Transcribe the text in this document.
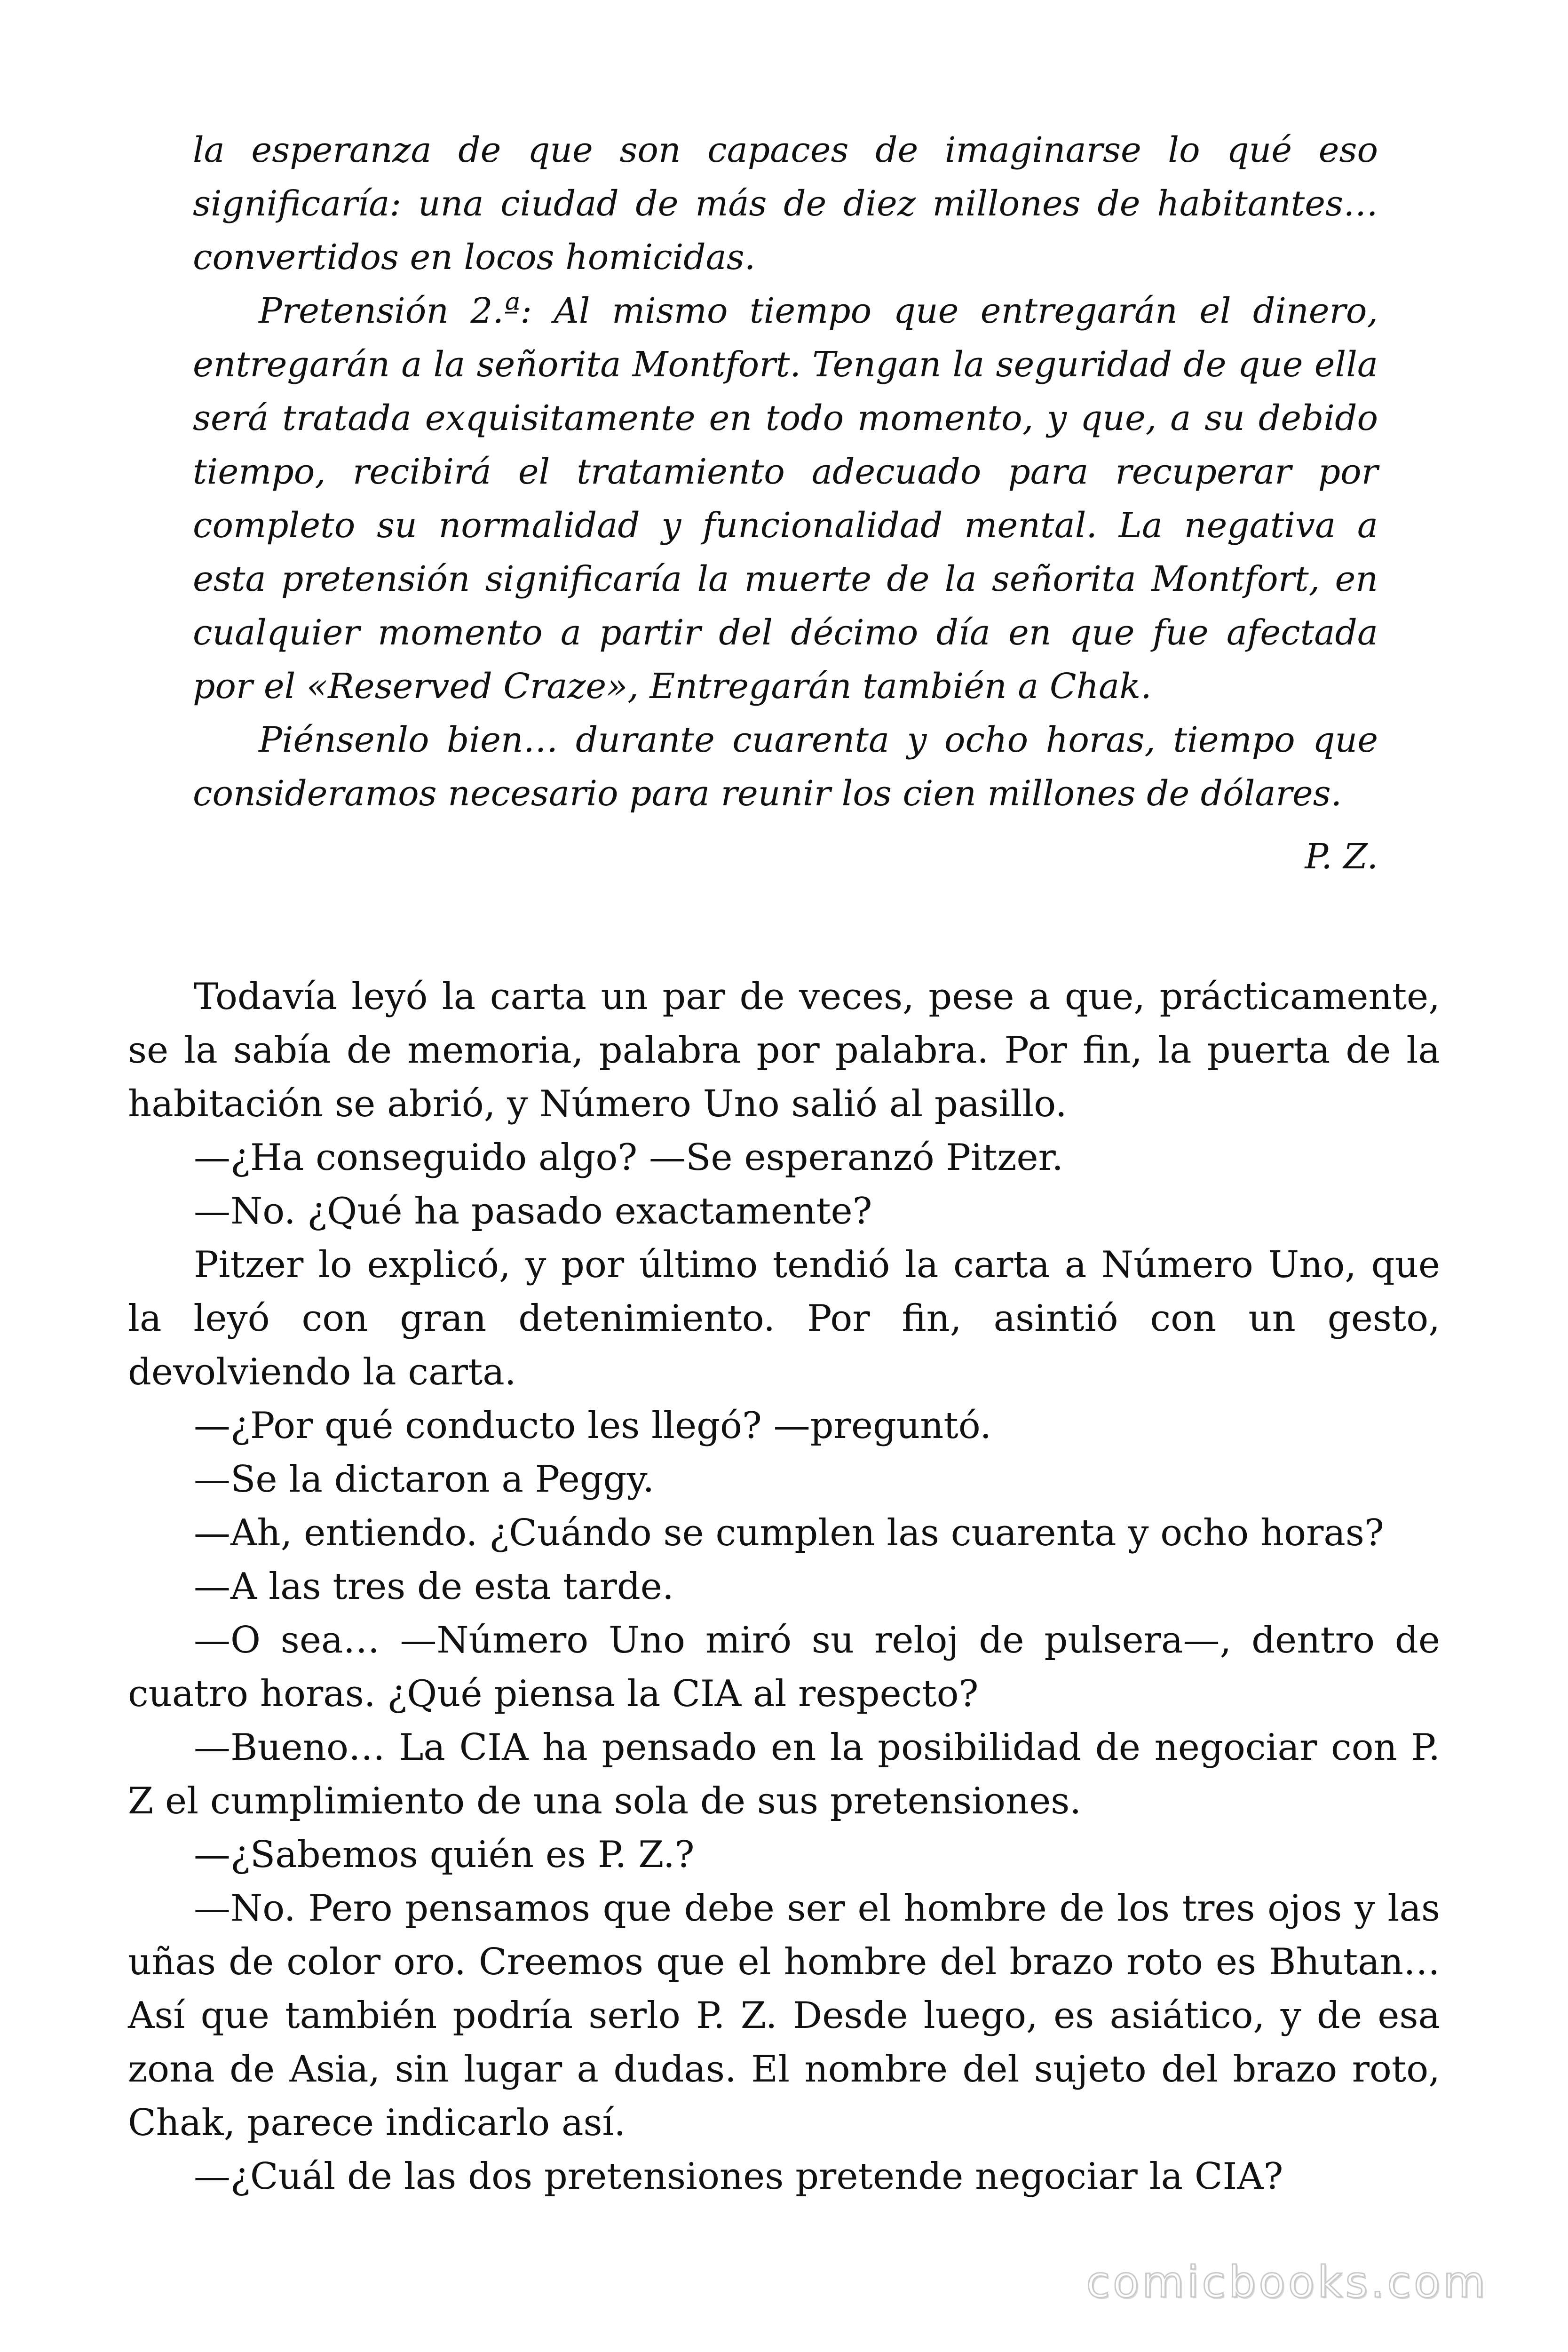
la esperanza de que son capaces de imaginarse lo qué eso significaría: una ciudad de más de diez millones de habitantes… convertidos en locos homicidas.

Pretensión 2.ª: Al mismo tiempo que entregarán el dinero, entregarán a la señorita Montfort. Tengan la seguridad de que ella será tratada exquisitamente en todo momento, y que, a su debido tiempo, recibirá el tratamiento adecuado para recuperar por completo su normalidad y funcionalidad mental. La negativa a esta pretensión significaría la muerte de la señorita Montfort, en cualquier momento a partir del décimo día en que fue afectada por el «Reserved Craze», Entregarán también a Chak.

Piénsenlo bien… durante cuarenta y ocho horas, tiempo que consideramos necesario para reunir los cien millones de dólares.

P. Z.

Todavía leyó la carta un par de veces, pese a que, prácticamente, se la sabía de memoria, palabra por palabra. Por fin, la puerta de la habitación se abrió, y Número Uno salió al pasillo.

—¿Ha conseguido algo? —Se esperanzó Pitzer.

—No. ¿Qué ha pasado exactamente?

Pitzer lo explicó, y por último tendió la carta a Número Uno, que la leyó con gran detenimiento. Por fin, asintió con un gesto, devolviendo la carta.

—¿Por qué conducto les llegó? —preguntó.

—Se la dictaron a Peggy.

—Ah, entiendo. ¿Cuándo se cumplen las cuarenta y ocho horas?

—A las tres de esta tarde.

—O sea… —Número Uno miró su reloj de pulsera—, dentro de cuatro horas. ¿Qué piensa la CIA al respecto?

—Bueno… La CIA ha pensado en la posibilidad de negociar con P. Z el cumplimiento de una sola de sus pretensiones.

—¿Sabemos quién es P. Z.?

—No. Pero pensamos que debe ser el hombre de los tres ojos y las uñas de color oro. Creemos que el hombre del brazo roto es Bhutan… Así que también podría serlo P. Z. Desde luego, es asiático, y de esa zona de Asia, sin lugar a dudas. El nombre del sujeto del brazo roto, Chak, parece indicarlo así.

—¿Cuál de las dos pretensiones pretende negociar la CIA?

comicbooks.com
